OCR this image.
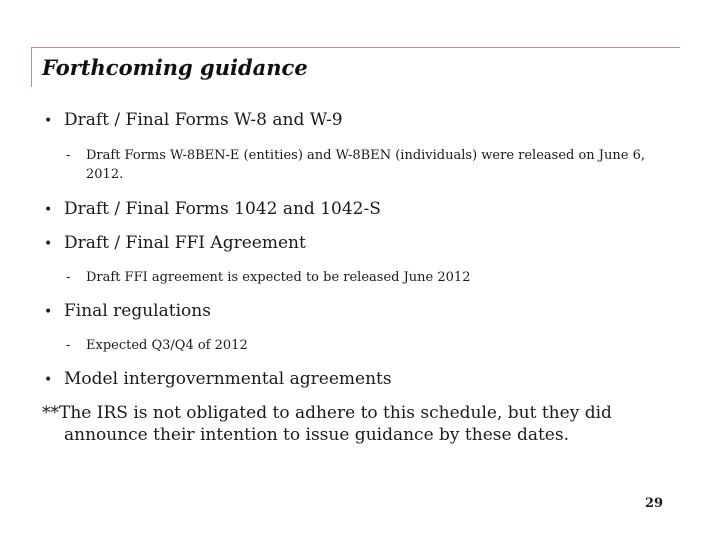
Forthcoming guidance
• Draft / Final Forms W-8 and W-9
- Draft Forms W-8BEN-E (entities) and W-8BEN (individuals) were released on June 6, 2012.
• Draft / Final Forms 1042 and 1042-S
• Draft / Final FFI Agreement
- Draft FFI agreement is expected to be released June 2012
• Final regulations
- Expected Q3/Q4 of 2012
• Model intergovernmental agreements
**The IRS is not obligated to adhere to this schedule, but they did
announce their intention to issue guidance by these dates.
29
